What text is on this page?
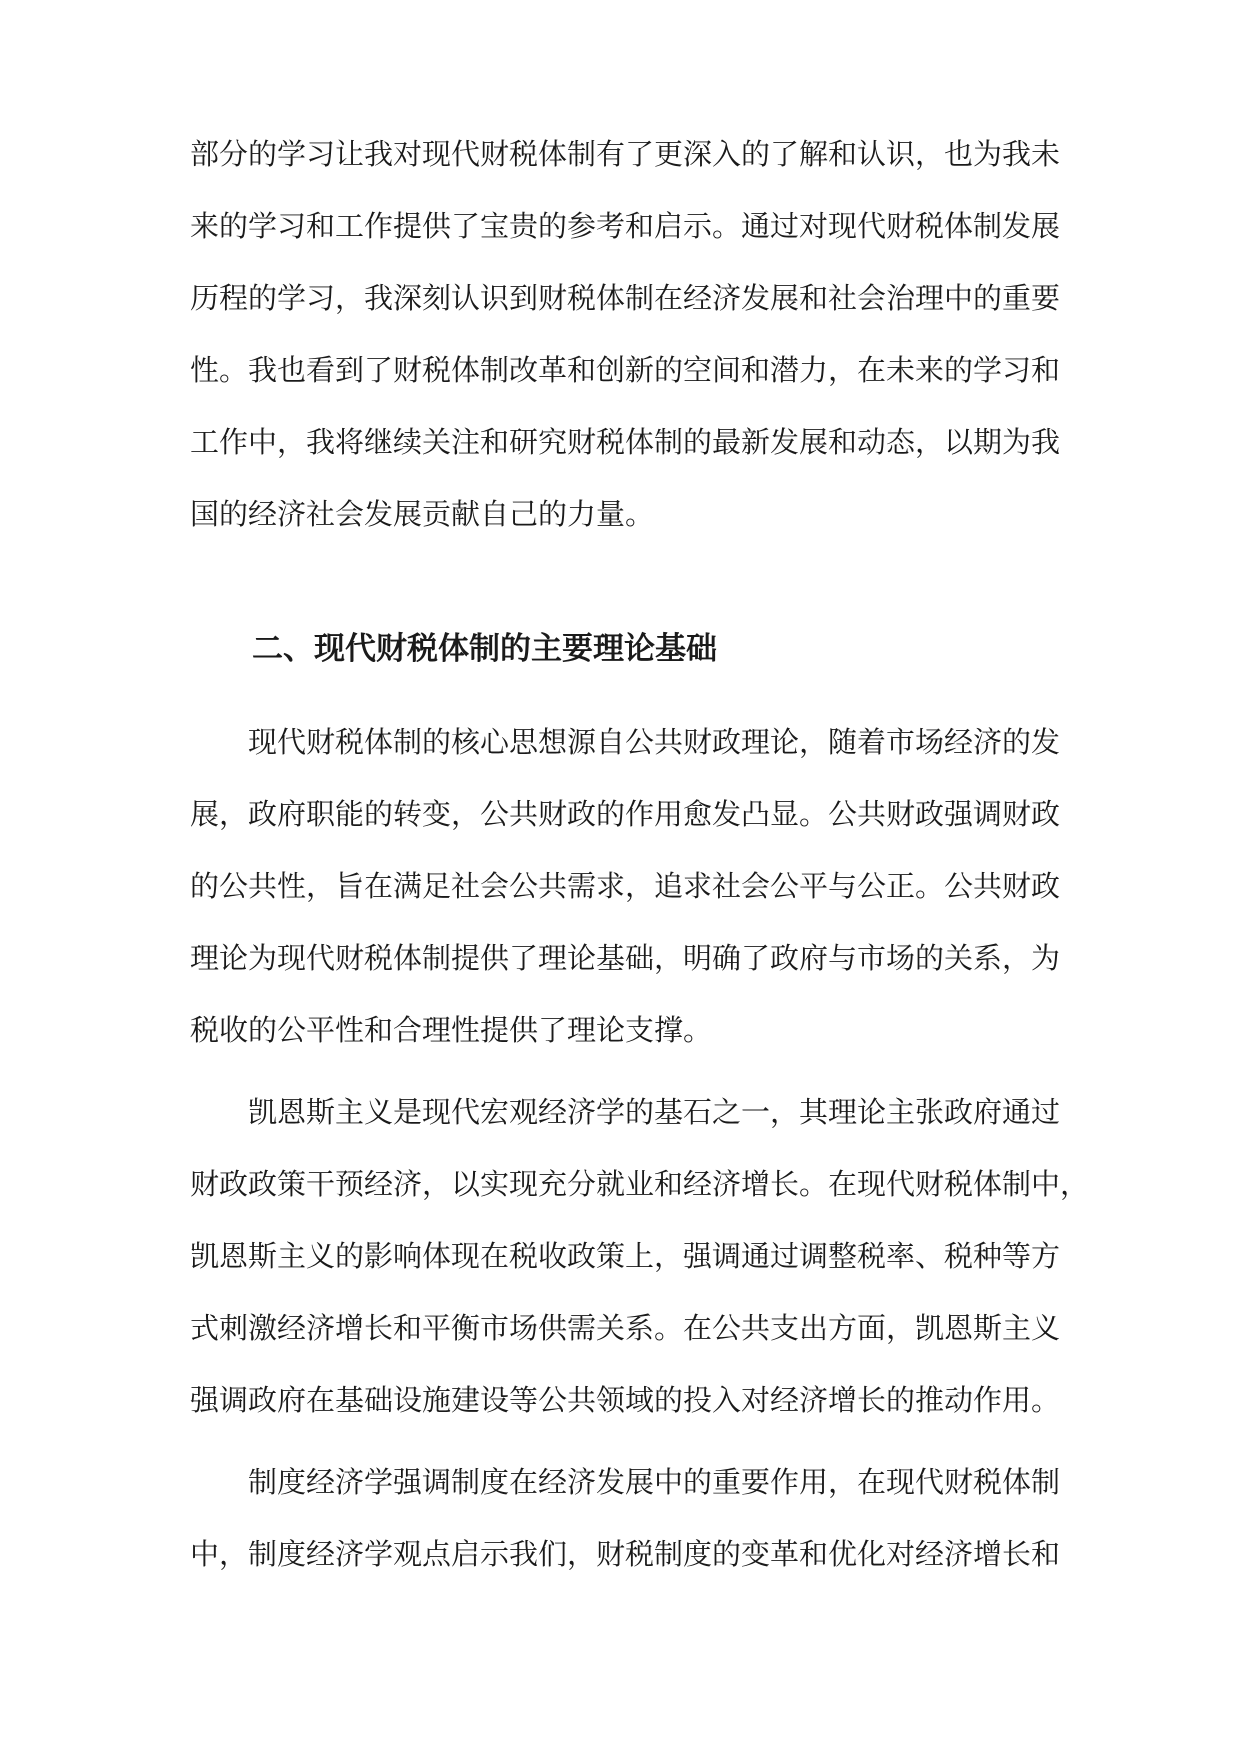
部分的学习让我对现代财税体制有了更深入的了解和认识，也为我未
来的学习和工作提供了宝贵的参考和启示。通过对现代财税体制发展
历程的学习，我深刻认识到财税体制在经济发展和社会治理中的重要
性。我也看到了财税体制改革和创新的空间和潜力，在未来的学习和
工作中，我将继续关注和研究财税体制的最新发展和动态，以期为我
国的经济社会发展贡献自己的力量。
二、现代财税体制的主要理论基础
现代财税体制的核心思想源自公共财政理论，随着市场经济的发
展，政府职能的转变，公共财政的作用愈发凸显。公共财政强调财政
的公共性，旨在满足社会公共需求，追求社会公平与公正。公共财政
理论为现代财税体制提供了理论基础，明确了政府与市场的关系，为
税收的公平性和合理性提供了理论支撑。
凯恩斯主义是现代宏观经济学的基石之一，其理论主张政府通过
财政政策干预经济，以实现充分就业和经济增长。在现代财税体制中，
凯恩斯主义的影响体现在税收政策上，强调通过调整税率、税种等方
式刺激经济增长和平衡市场供需关系。在公共支出方面，凯恩斯主义
强调政府在基础设施建设等公共领域的投入对经济增长的推动作用。
制度经济学强调制度在经济发展中的重要作用，在现代财税体制
中，制度经济学观点启示我们，财税制度的变革和优化对经济增长和
